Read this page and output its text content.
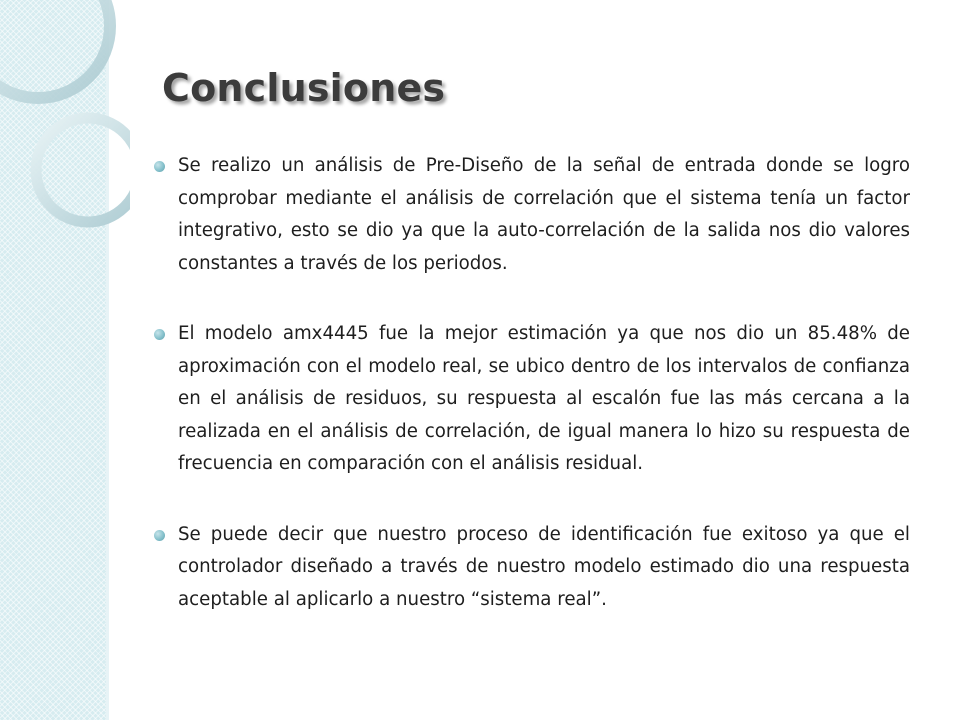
Conclusiones
Se realizo un análisis de Pre-Diseño de la señal de entrada donde se logro comprobar mediante el análisis de correlación que el sistema tenía un factor integrativo, esto se dio ya que la auto-correlación de la salida nos dio valores constantes a través de los periodos.
El modelo amx4445 fue la mejor estimación ya que nos dio un 85.48% de aproximación con el modelo real, se ubico dentro de los intervalos de confianza en el análisis de residuos, su respuesta al escalón fue las más cercana a la realizada en el análisis de correlación, de igual manera lo hizo su respuesta de frecuencia en comparación con el análisis residual.
Se puede decir que nuestro proceso de identificación fue exitoso ya que el controlador diseñado a través de nuestro modelo estimado dio una respuesta aceptable al aplicarlo a nuestro “sistema real”.
